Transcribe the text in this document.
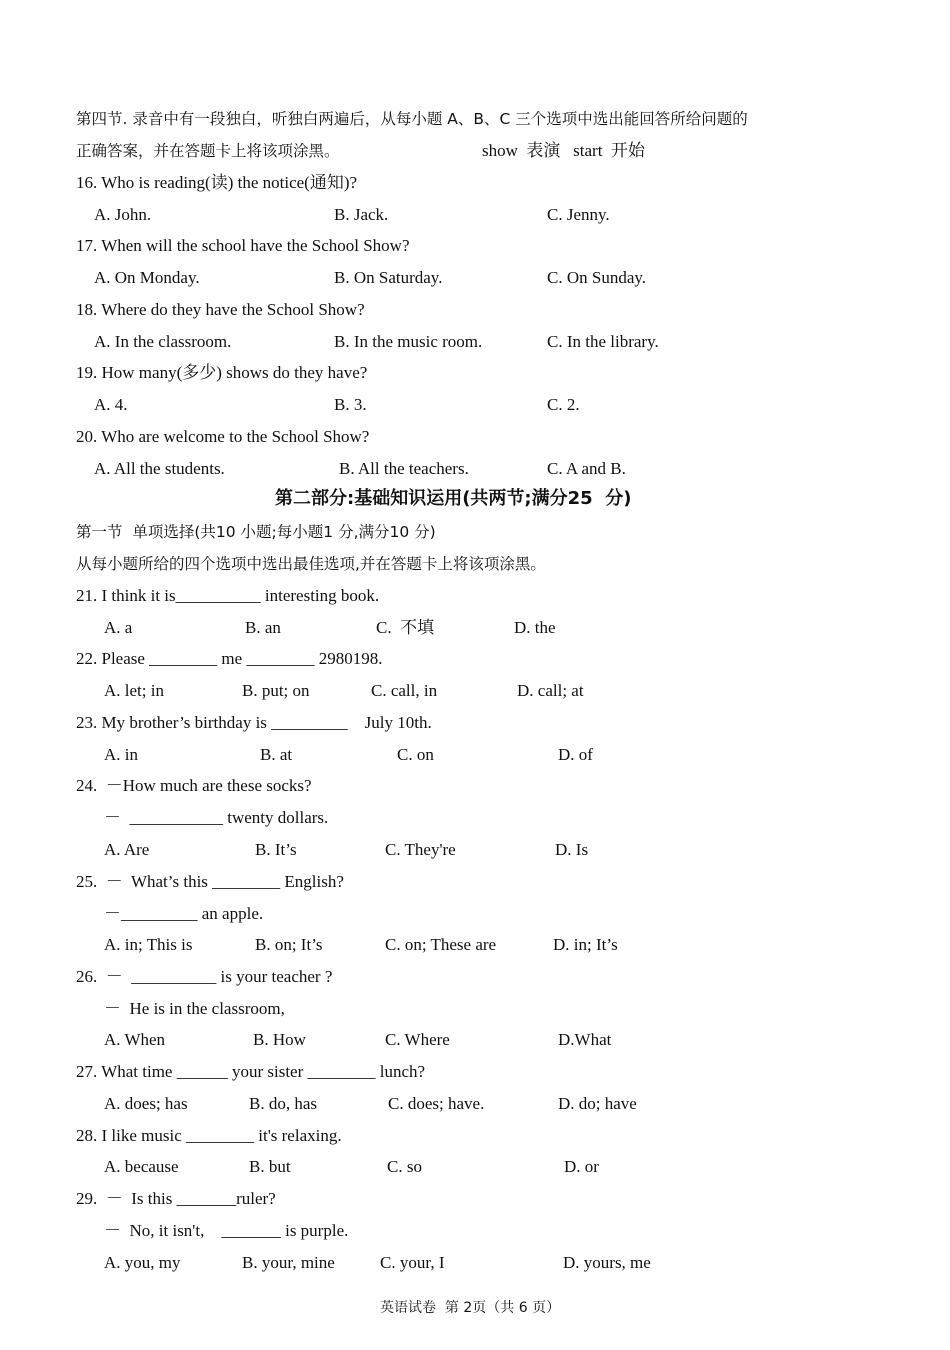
第四节. 录音中有一段独白，听独白两遍后，从每小题 A、B、C 三个选项中选出能回答所给问题的
正确答案，并在答题卡上将该项涂黑。	show  表演   start  开始
16. Who is reading(读) the notice(通知)?
A. John.	B. Jack.	C. Jenny.
17. When will the school have the School Show?
A. On Monday.	B. On Saturday.	C. On Sunday.
18. Where do they have the School Show?
A. In the classroom.	B. In the music room.	C. In the library.
19. How many(多少) shows do they have?
A. 4.	B. 3.	C. 2.
20. Who are welcome to the School Show?
A. All the students.	B. All the teachers.	C. A and B.
第二部分:基础知识运用(共两节;满分25  分)
第一节  单项选择(共10 小题;每小题1 分,满分10 分)
从每小题所给的四个选项中选出最佳选项,并在答题卡上将该项涂黑。
21. I think it is__________ interesting book.
A. a	B. an	C.  不填	D. the
22. Please ________ me ________ 2980198.
A. let; in	B. put; on	C. call, in	D. call; at
23. My brother’s birthday is _________    July 10th.
A. in	B. at	C. on	D. of
24.  －How much are these socks?
－  ___________ twenty dollars.
A. Are	B. It’s	C. They're	D. Is
25.  －  What’s this ________ English?
－_________ an apple.
A. in; This is	B. on; It’s	C. on; These are	D. in; It’s
26.  －  __________ is your teacher ?
－  He is in the classroom,
A. When	B. How	C. Where	D.What
27. What time ______ your sister ________ lunch?
A. does; has	B. do, has	C. does; have.	D. do; have
28. I like music ________ it's relaxing.
A. because	B. but	C. so	D. or
29.  －  Is this _______ruler?
－  No, it isn't,    _______ is purple.
A. you, my	B. your, mine	C. your, I	D. yours, me
英语试卷  第 2页（共 6 页）
